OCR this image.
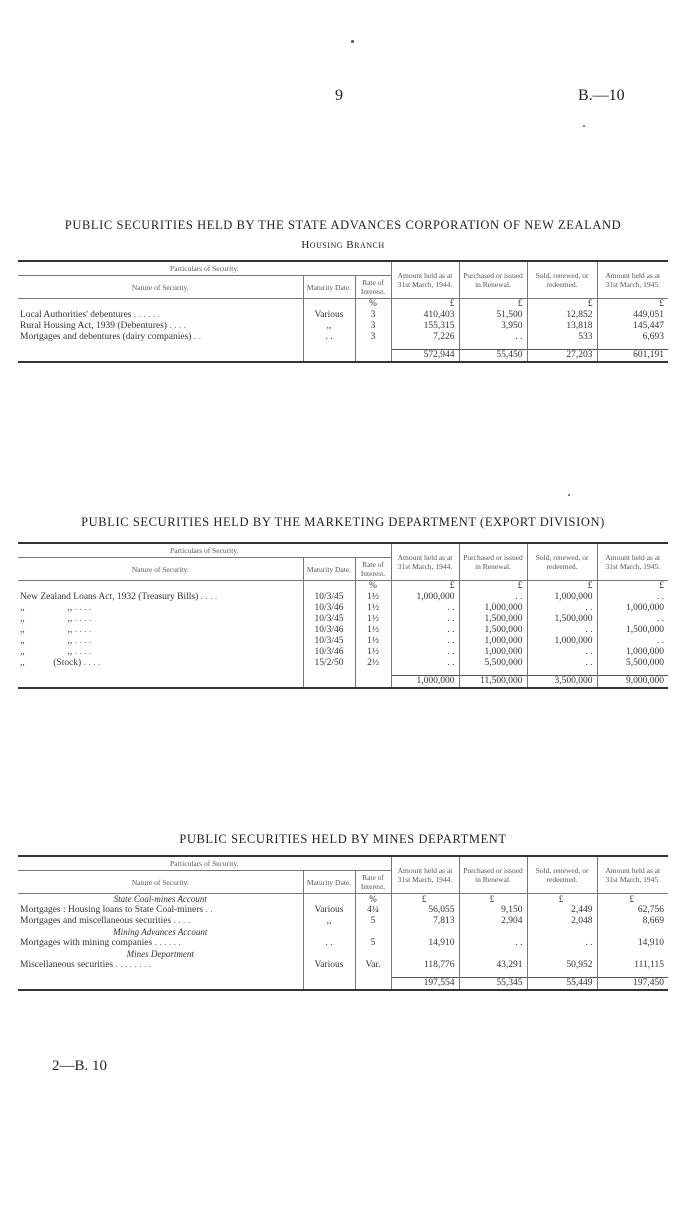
9	B.—10
PUBLIC SECURITIES HELD BY THE STATE ADVANCES CORPORATION OF NEW ZEALAND
Housing Branch
Particulars of Security.			Amount held as at 31st March, 1944.	Purchased or issued in Renewal.	Sold, renewed, or redeemed.	Amount held as at 31st March, 1945.
Nature of Security.	Maturity Date.	Rate of Interest.				
		%	£	£	£	£
Local Authorities' debentures . . . . . .	Various	3	410,403	51,500	12,852	449,051
Rural Housing Act, 1939 (Debentures) . . . .	,,	3	155,315	3,950	13,818	145,447
Mortgages and debentures (dairy companies) . .	. .	3	7,226	. .	533	6,693

			572,944	55,450	27,203	601,191

PUBLIC SECURITIES HELD BY THE MARKETING DEPARTMENT (EXPORT DIVISION)
Particulars of Security.			Amount held as at 31st March, 1944.	Purchased or issued in Renewal.	Sold, renewed, or redeemed.	Amount held as at 31st March, 1945.
Nature of Security.	Maturity Date.	Rate of Interest.				
		%	£	£	£	£
New Zealand Loans Act, 1932 (Treasury Bills) . . . .	10/3/45	1½	1,000,000	. .	1,000,000	. .
,,                  ,, . . . .	10/3/46	1½	. .	1,000,000	. .	1,000,000
,,                  ,, . . . .	10/3/45	1½	. .	1,500,000	1,500,000	. .
,,                  ,, . . . .	10/3/46	1½	. .	1,500,000	. .	1,500,000
,,                  ,, . . . .	10/3/45	1½	. .	1,000,000	1,000,000	. .
,,                  ,, . . . .	10/3/46	1½	. .	1,000,000	. .	1,000,000
,,            (Stock) . . . .	15/2/50	2½	. .	5,500,000	. .	5,500,000

			1,000,000	11,500,000	3,500,000	9,000,000

PUBLIC SECURITIES HELD BY MINES DEPARTMENT
Particulars of Security.			Amount held as at 31st March, 1944.	Purchased or issued in Renewal.	Sold, renewed, or redeemed.	Amount held as at 31st March, 1945.
Nature of Security.	Maturity Date.	Rate of Interest.				
State Coal-mines Account		%	£	£	£	£
Mortgages : Housing loans to State Coal-miners . .	Various	4¼	56,055	9,150	2,449	62,756
Mortgages and miscellaneous securities . . . .	,,	5	7,813	2,904	2,048	8,669
Mining Advances Account						
Mortgages with mining companies . . . . . .	. .	5	14,910	. .	. .	14,910
Mines Department						
Miscellaneous securities . . . . . . . .	Various	Var.	118,776	43,291	50,952	111,115

			197,554	55,345	55,449	197,450

2—B. 10
